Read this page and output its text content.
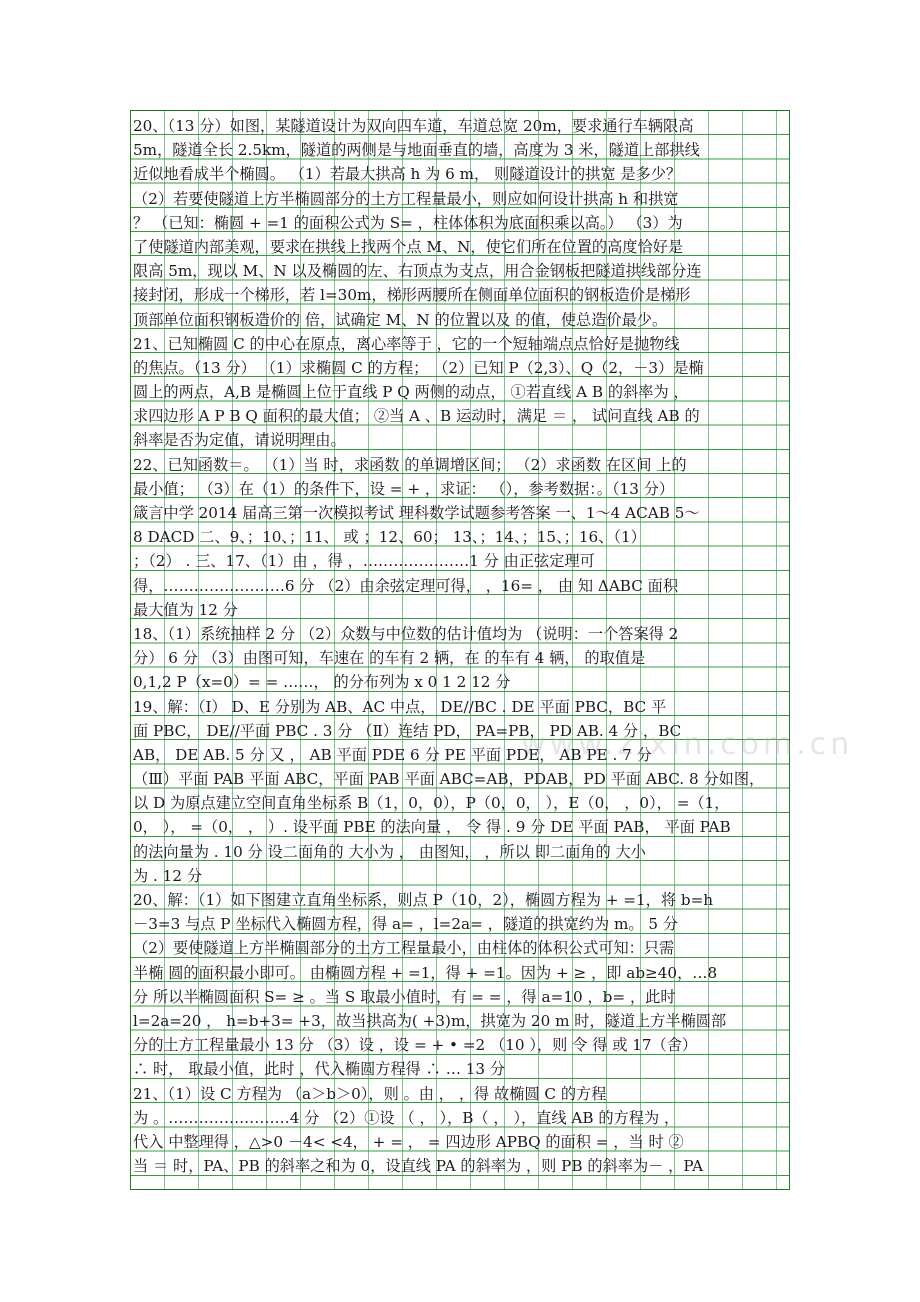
www.zixin.com.cn
20、（13 分）如图，某隧道设计为双向四车道，车道总宽 20m，要求通行车辆限高
5m，隧道全长 2.5km，隧道的两侧是与地面垂直的墙，高度为 3 米，隧道上部拱线
近似地看成半个椭圆。 （1）若最大拱高 h 为 6 m， 则隧道设计的拱宽 是多少？
（2）若要使隧道上方半椭圆部分的土方工程量最小，则应如何设计拱高 h 和拱宽
？ （已知：椭圆 + =1 的面积公式为 S= ，柱体体积为底面积乘以高。） （3）为
了使隧道内部美观，要求在拱线上找两个点 M、N，使它们所在位置的高度恰好是
限高 5m，现以 M、N 以及椭圆的左、右顶点为支点，用合金钢板把隧道拱线部分连
接封闭，形成一个梯形，若 l=30m，梯形两腰所在侧面单位面积的钢板造价是梯形
顶部单位面积钢板造价的 倍，试确定 M、N 的位置以及 的值，使总造价最少。
21、已知椭圆 C 的中心在原点，离心率等于 ，它的一个短轴端点点恰好是抛物线
的焦点。（13 分） （1）求椭圆 C 的方程； （2）已知 P（2,3）、Q（2，－3）是椭
圆上的两点，A,B 是椭圆上位于直线 P Q 两侧的动点， ①若直线 A B 的斜率为 ，
求四边形 A P B Q 面积的最大值； ②当 A 、B 运动时，满足 ＝ ， 试问直线 AB 的
斜率是否为定值，请说明理由。
22、已知函数＝。 （1）当 时，求函数 的单调增区间； （2）求函数 在区间 上的
最小值； （3）在（1）的条件下，设 = + ，求证： （），参考数据：。（13 分）
箴言中学 2014 届高三第一次模拟考试 理科数学试题参考答案 一、1～4 ACAB 5～
8 DACD 二、9、；10、；11、 或 ；12、60； 13、；14、；15、；16、（1）
；（2） . 三、17、（1）由 ，得 ，…………………1 分 由正弦定理可
得，……………………6 分 （2）由余弦定理可得， ，16= ， 由 知 ΔABC 面积
最大值为 12 分
18、（1）系统抽样 2 分 （2）众数与中位数的估计值均为 （说明：一个答案得 2
分） 6 分 （3）由图可知，车速在 的车有 2 辆，在 的车有 4 辆， 的取值是
0,1,2 P（x=0）= = ……， 的分布列为 x 0 1 2 12 分
19、解：（Ⅰ） D、E 分别为 AB、AC 中点， DE//BC . DE 平面 PBC，BC 平
面 PBC， DE//平面 PBC . 3 分 （Ⅱ）连结 PD， PA=PB， PD AB. 4 分 ，BC
AB， DE AB. 5 分 又 ， AB 平面 PDE 6 分 PE 平面 PDE， AB PE . 7 分
（Ⅲ）平面 PAB 平面 ABC，平面 PAB 平面 ABC=AB，PDAB，PD 平面 ABC. 8 分如图，
以 D 为原点建立空间直角坐标系 B（1，0，0），P（0，0， ），E（0， ，0）， =（1，
0， ）， =（0， ， ）. 设平面 PBE 的法向量 ， 令 得 . 9 分 DE 平面 PAB， 平面 PAB
的法向量为 . 10 分 设二面角的 大小为 ， 由图知， ，所以 即二面角的 大小
为 . 12 分
20、解：（1）如下图建立直角坐标系，则点 P（10，2），椭圆方程为 + =1，将 b=h
－3=3 与点 P 坐标代入椭圆方程，得 a= ，l=2a= ，隧道的拱宽约为 m。 5 分
（2）要使隧道上方半椭圆部分的土方工程量最小，由柱体的体积公式可知：只需
半椭 圆的面积最小即可。 由椭圆方程 + =1，得 + =1。因为 + ≥ ，即 ab≥40，…8
分 所以半椭圆面积 S= ≥ 。当 S 取最小值时，有 = = ，得 a=10 ，b= ，此时
l=2a=20 ， h=b+3= +3，故当拱高为( +3)m，拱宽为 20 m 时，隧道上方半椭圆部
分的土方工程量最小 13 分 （3）设 ，设 = + • =2 （10 ），则 令 得 或 17（舍）
∴ 时， 取最小值，此时 ，代入椭圆方程得 ∴ … 13 分
21、（1）设 C 方程为 （a＞b＞0），则 。由 ， ，得 故椭圆 C 的方程
为 。……………………4 分 （2）①设 （ ， ），B（ ， ），直线 AB 的方程为 ，
代入 中整理得 ，△>0 －4< <4， + = ， = 四边形 APBQ 的面积 = ，当 时 ②
当 ＝ 时，PA、PB 的斜率之和为 0，设直线 PA 的斜率为 ，则 PB 的斜率为－ ，PA
